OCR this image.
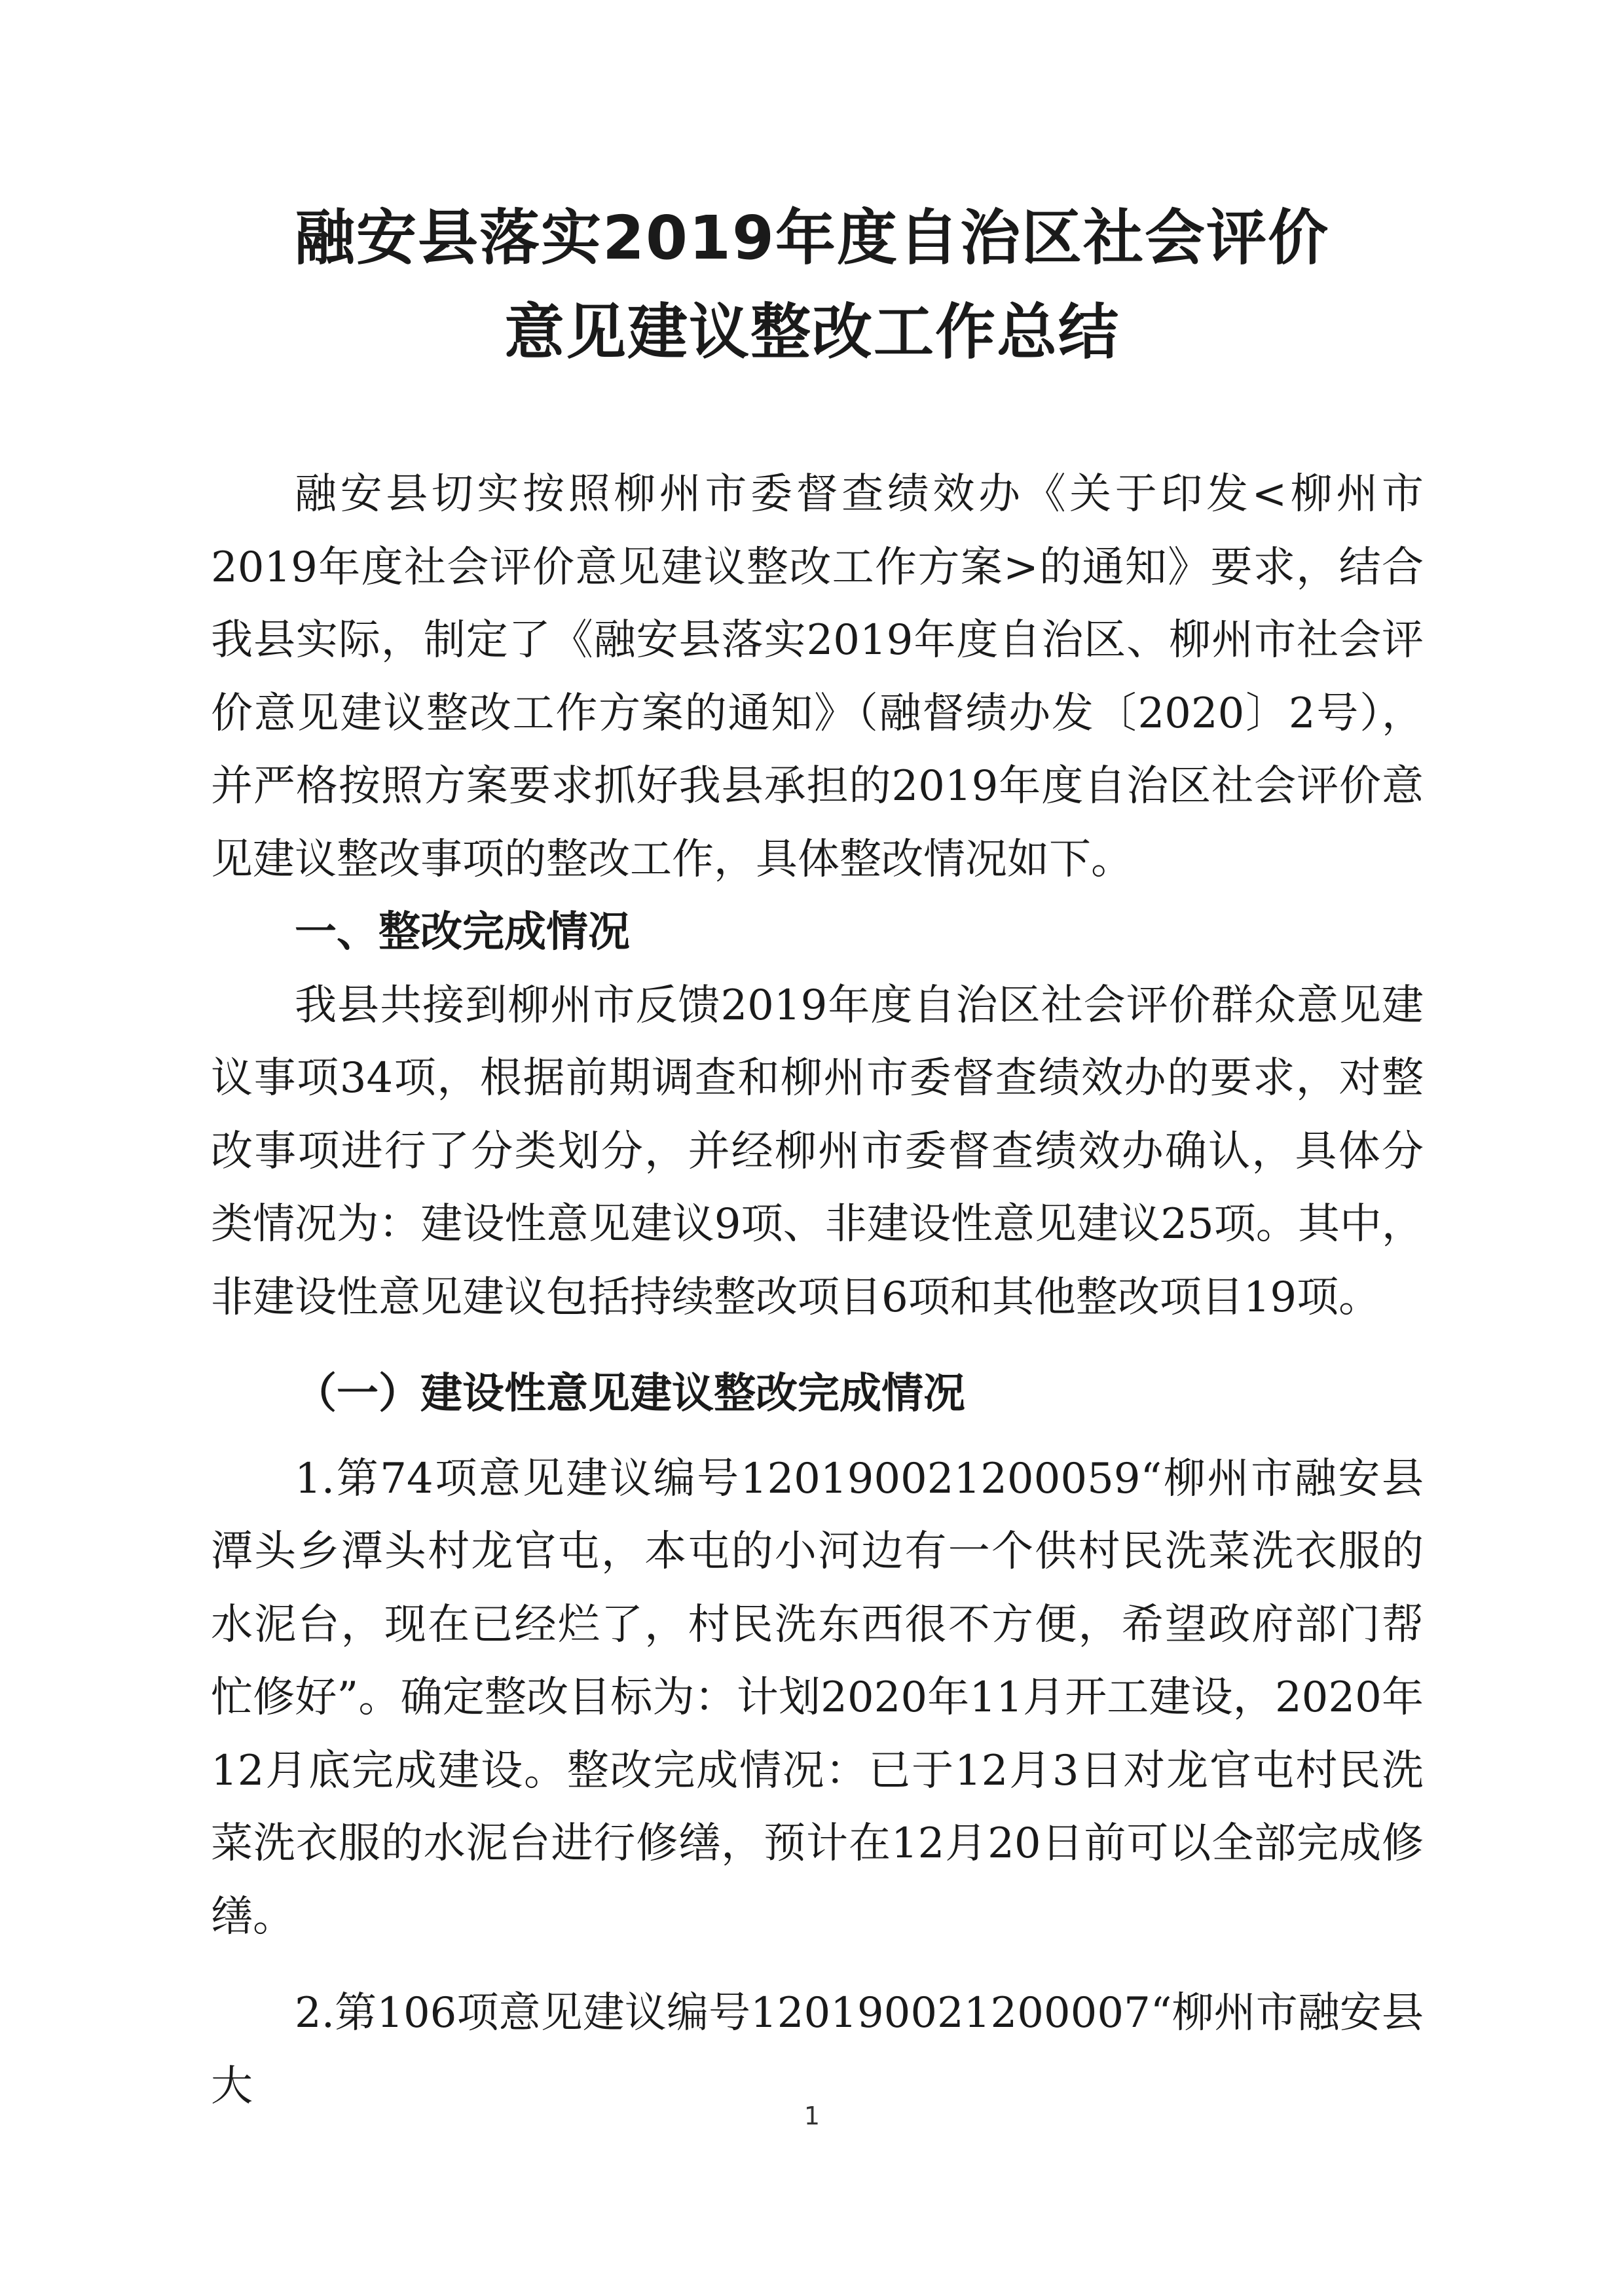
融安县落实2019年度自治区社会评价
意见建议整改工作总结

融安县切实按照柳州市委督查绩效办《关于印发<柳州市2019年度社会评价意见建议整改工作方案>的通知》要求，结合我县实际，制定了《融安县落实2019年度自治区、柳州市社会评价意见建议整改工作方案的通知》（融督绩办发〔2020〕2号），并严格按照方案要求抓好我县承担的2019年度自治区社会评价意见建议整改事项的整改工作，具体整改情况如下。

一、整改完成情况

我县共接到柳州市反馈2019年度自治区社会评价群众意见建议事项34项，根据前期调查和柳州市委督查绩效办的要求，对整改事项进行了分类划分，并经柳州市委督查绩效办确认，具体分类情况为：建设性意见建议9项、非建设性意见建议25项。其中，非建设性意见建议包括持续整改项目6项和其他整改项目19项。

（一）建设性意见建议整改完成情况

1.第74项意见建议编号120190021200059“柳州市融安县潭头乡潭头村龙官屯，本屯的小河边有一个供村民洗菜洗衣服的水泥台，现在已经烂了，村民洗东西很不方便，希望政府部门帮忙修好”。确定整改目标为：计划2020年11月开工建设，2020年12月底完成建设。整改完成情况：已于12月3日对龙官屯村民洗菜洗衣服的水泥台进行修缮，预计在12月20日前可以全部完成修缮。

2.第106项意见建议编号120190021200007“柳州市融安县大

1
